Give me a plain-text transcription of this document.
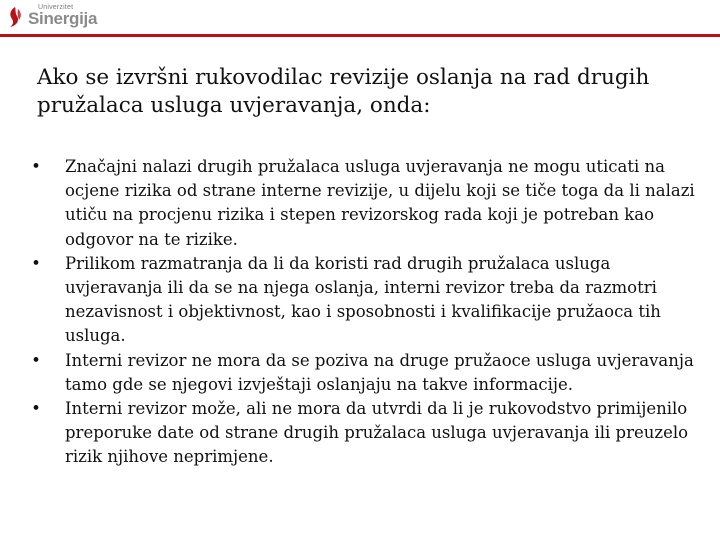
Univerzitet
Sinergija
Ako se izvršni rukovodilac revizije oslanja na rad drugih pružalaca usluga uvjeravanja, onda:
• Značajni nalazi drugih pružalaca usluga uvjeravanja ne mogu uticati na ocjene rizika od strane interne revizije, u dijelu koji se tiče toga da li nalazi utiču na procjenu rizika i stepen revizorskog rada koji je potreban kao odgovor na te rizike.
• Prilikom razmatranja da li da koristi rad drugih pružalaca usluga uvjeravanja ili da se na njega oslanja, interni revizor treba da razmotri nezavisnost i objektivnost, kao i sposobnosti i kvalifikacije pružaoca tih usluga.
• Interni revizor ne mora da se poziva na druge pružaoce usluga uvjeravanja tamo gde se njegovi izvještaji oslanjaju na takve informacije.
• Interni revizor može, ali ne mora da utvrdi da li je rukovodstvo primijenilo preporuke date od strane drugih pružalaca usluga uvjeravanja ili preuzelo rizik njihove neprimjene.
